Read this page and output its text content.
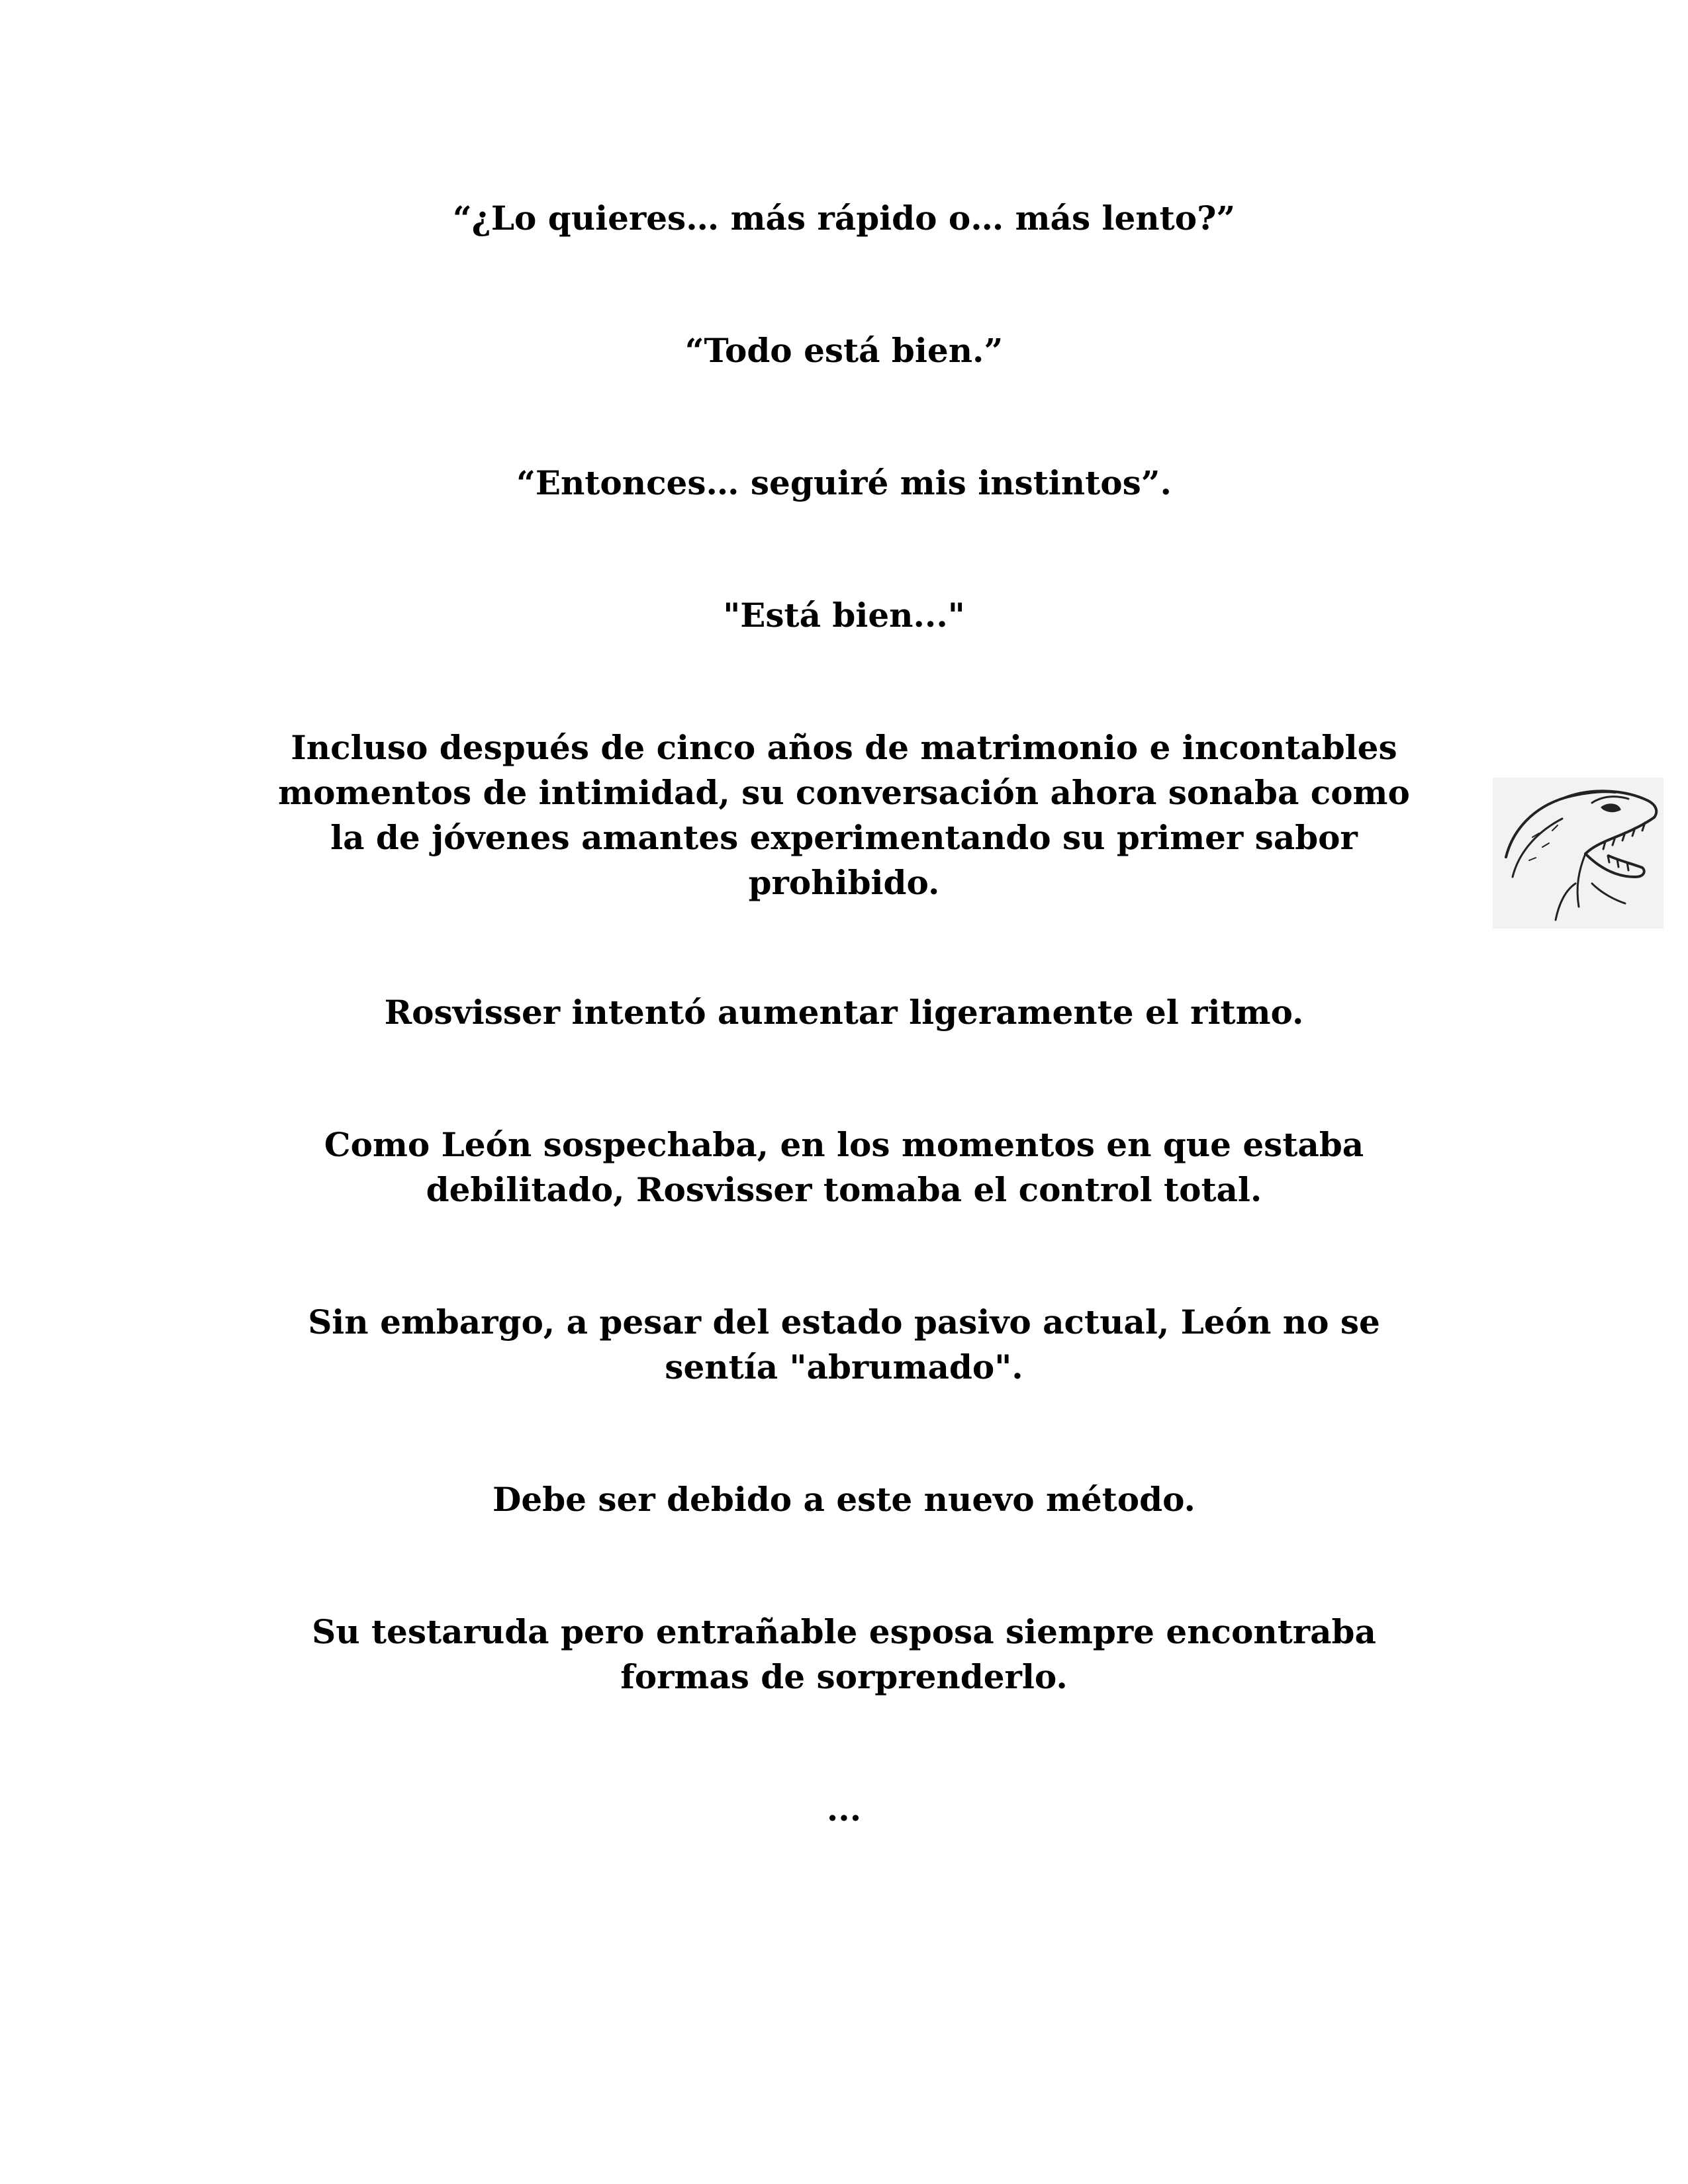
“¿Lo quieres… más rápido o… más lento?”

“Todo está bien.”

“Entonces… seguiré mis instintos”.

"Está bien..."

Incluso después de cinco años de matrimonio e incontables
momentos de intimidad, su conversación ahora sonaba como
la de jóvenes amantes experimentando su primer sabor
prohibido.

Rosvisser intentó aumentar ligeramente el ritmo.

Como León sospechaba, en los momentos en que estaba
debilitado, Rosvisser tomaba el control total.

Sin embargo, a pesar del estado pasivo actual, León no se
sentía "abrumado".

Debe ser debido a este nuevo método.

Su testaruda pero entrañable esposa siempre encontraba
formas de sorprenderlo.

...
